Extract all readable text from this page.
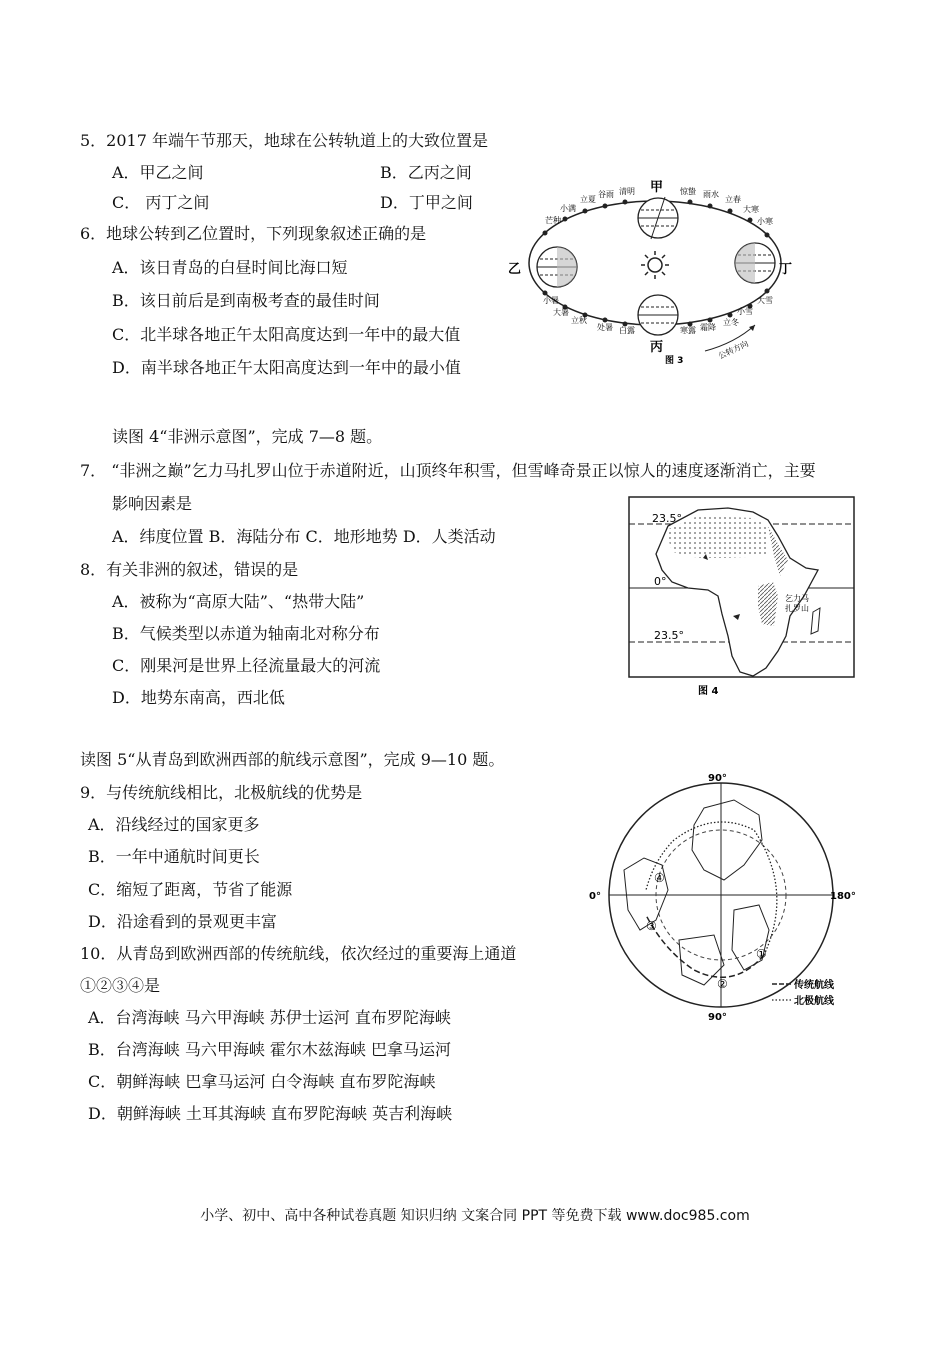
5．2017 年端午节那天，地球在公转轨道上的大致位置是
A．甲乙之间	B．乙丙之间
C． 丙丁之间	D．丁甲之间
6．地球公转到乙位置时，下列现象叙述正确的是
A．该日青岛的白昼时间比海口短
B．该日前后是到南极考查的最佳时间
C．北半球各地正午太阳高度达到一年中的最大值
D．南半球各地正午太阳高度达到一年中的最小值
甲
乙
丙
丁
立夏
谷雨 清明	惊蛰 雨水
立春
小满
芒种
大寒
小寒
小暑
大暑
立秋
处暑 白露	寒露 霜降
立冬
小雪
大雪
公转方向
图 3
读图 4“非洲示意图”，完成 7—8 题。
7． “非洲之巅”乞力马扎罗山位于赤道附近，山顶终年积雪，但雪峰奇景正以惊人的速度逐渐消亡，主要
影响因素是
A．纬度位置 B．海陆分布 C．地形地势 D．人类活动
8．有关非洲的叙述，错误的是
A．被称为“高原大陆”、“热带大陆”
B．气候类型以赤道为轴南北对称分布
C．刚果河是世界上径流量最大的河流
D．地势东南高，西北低
23.5°
0°
23.5°
乞力马
扎罗山
图 4
读图 5“从青岛到欧洲西部的航线示意图”，完成 9—10 题。
9．与传统航线相比，北极航线的优势是
A．沿线经过的国家更多
B．一年中通航时间更长
C．缩短了距离，节省了能源
D．沿途看到的景观更丰富
10．从青岛到欧洲西部的传统航线，依次经过的重要海上通道
①②③④是
A．台湾海峡 马六甲海峡 苏伊士运河 直布罗陀海峡
B．台湾海峡 马六甲海峡 霍尔木兹海峡 巴拿马运河
C．朝鲜海峡 巴拿马运河 白令海峡 直布罗陀海峡
D．朝鲜海峡 土耳其海峡 直布罗陀海峡 英吉利海峡
①
②
③
④
90°
90°
0°	180°
传统航线
北极航线
小学、初中、高中各种试卷真题 知识归纳 文案合同 PPT 等免费下载 www.doc985.com
